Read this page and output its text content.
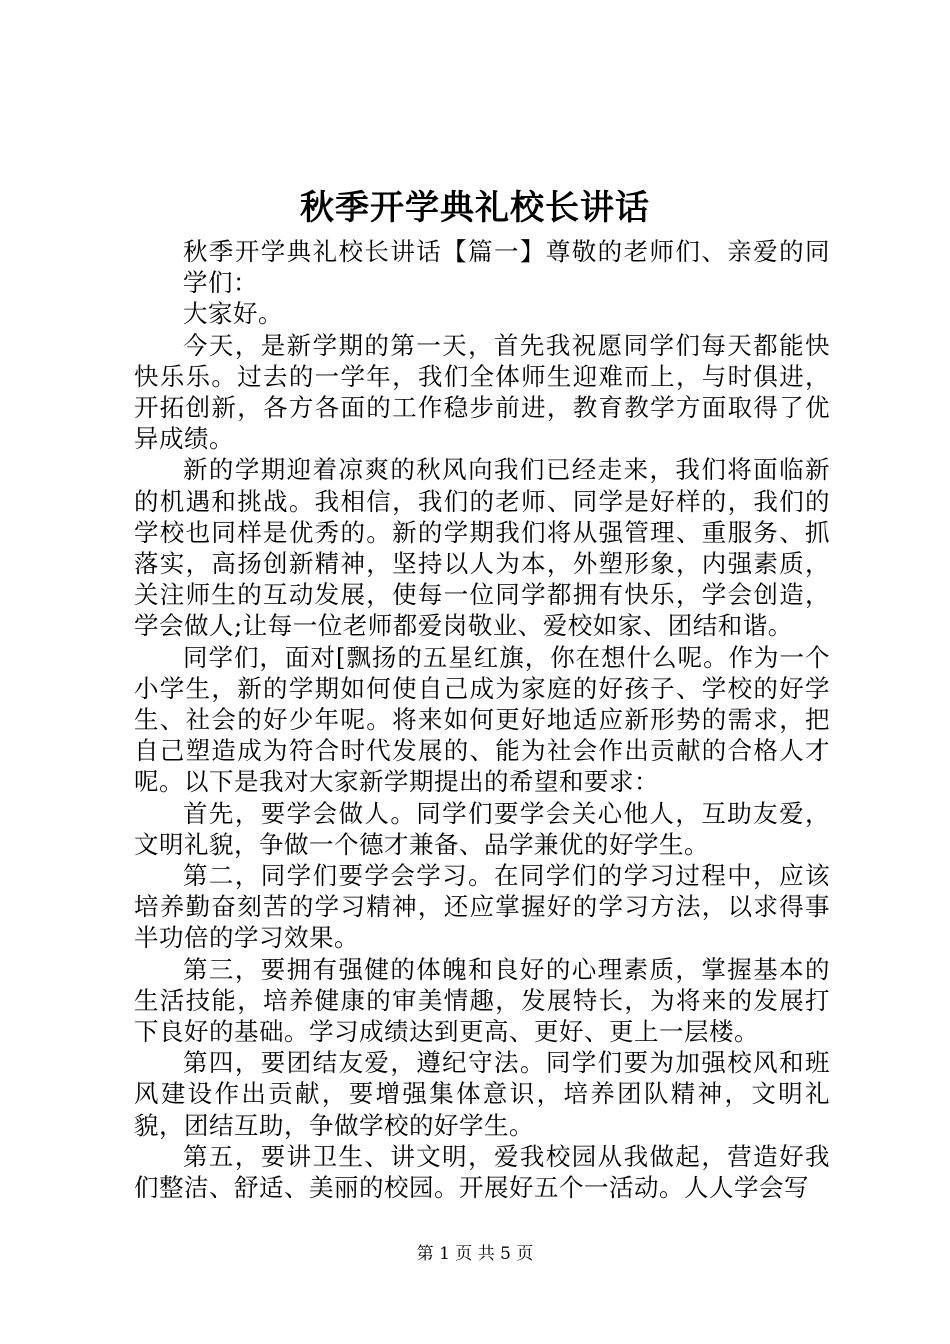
秋季开学典礼校长讲话

秋季开学典礼校长讲话【篇一】尊敬的老师们、亲爱的同学们：

大家好。

今天，是新学期的第一天，首先我祝愿同学们每天都能快快乐乐。过去的一学年，我们全体师生迎难而上，与时俱进，开拓创新，各方各面的工作稳步前进，教育教学方面取得了优异成绩。

新的学期迎着凉爽的秋风向我们已经走来，我们将面临新的机遇和挑战。我相信，我们的老师、同学是好样的，我们的学校也同样是优秀的。新的学期我们将从强管理、重服务、抓落实，高扬创新精神，坚持以人为本，外塑形象，内强素质，关注师生的互动发展，使每一位同学都拥有快乐，学会创造，学会做人;让每一位老师都爱岗敬业、爱校如家、团结和谐。

同学们，面对[飘扬的五星红旗，你在想什么呢。作为一个小学生，新的学期如何使自己成为家庭的好孩子、学校的好学生、社会的好少年呢。将来如何更好地适应新形势的需求，把自己塑造成为符合时代发展的、能为社会作出贡献的合格人才呢。以下是我对大家新学期提出的希望和要求：

首先，要学会做人。同学们要学会关心他人，互助友爱，文明礼貌，争做一个德才兼备、品学兼优的好学生。

第二，同学们要学会学习。在同学们的学习过程中，应该培养勤奋刻苦的学习精神，还应掌握好的学习方法，以求得事半功倍的学习效果。

第三，要拥有强健的体魄和良好的心理素质，掌握基本的生活技能，培养健康的审美情趣，发展特长，为将来的发展打下良好的基础。学习成绩达到更高、更好、更上一层楼。

第四，要团结友爱，遵纪守法。同学们要为加强校风和班风建设作出贡献，要增强集体意识，培养团队精神，文明礼貌，团结互助，争做学校的好学生。

第五，要讲卫生、讲文明，爱我校园从我做起，营造好我们整洁、舒适、美丽的校园。开展好五个一活动。人人学会写

第 1 页 共 5 页
